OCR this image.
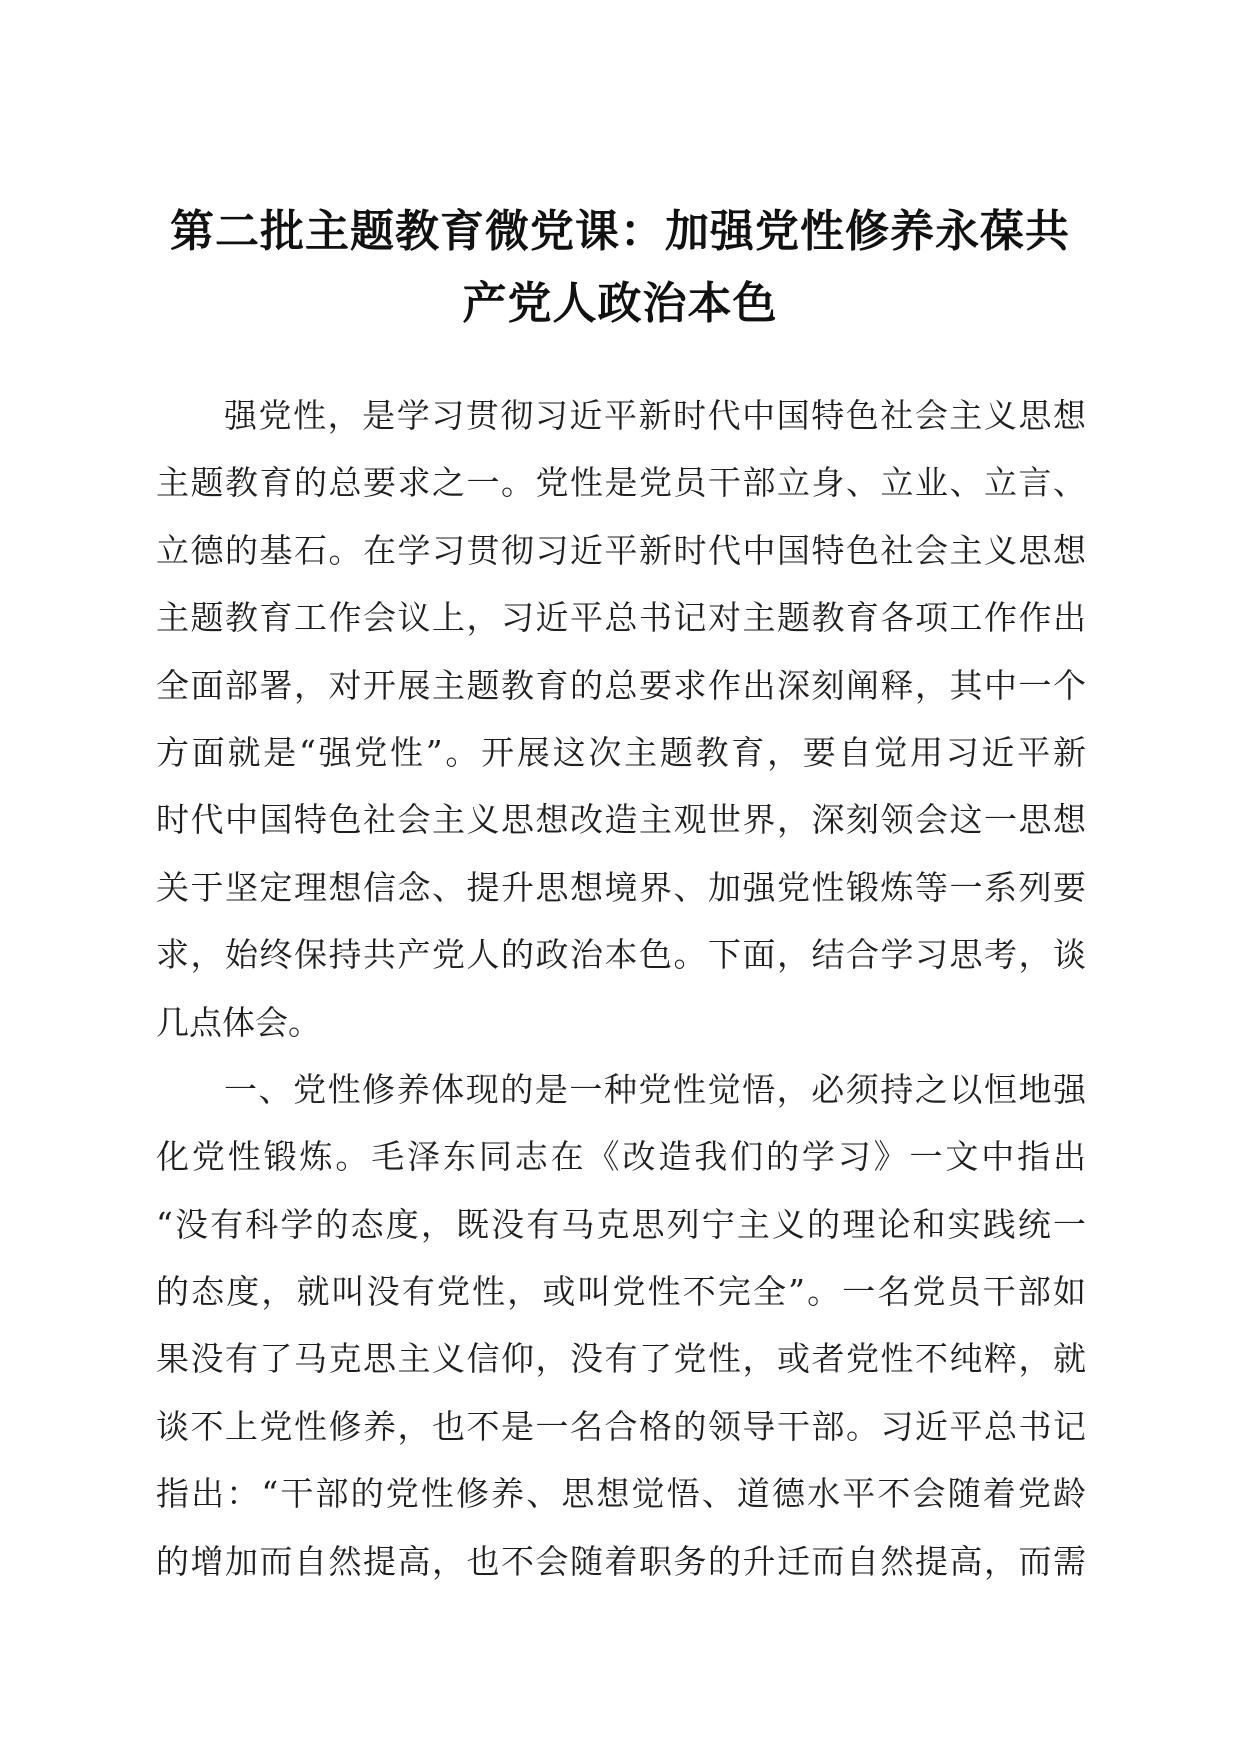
第二批主题教育微党课：加强党性修养永葆共
产党人政治本色
强党性，是学习贯彻习近平新时代中国特色社会主义思想
主题教育的总要求之一。党性是党员干部立身、立业、立言、
立德的基石。在学习贯彻习近平新时代中国特色社会主义思想
主题教育工作会议上，习近平总书记对主题教育各项工作作出
全面部署，对开展主题教育的总要求作出深刻阐释，其中一个
方面就是“强党性”。开展这次主题教育，要自觉用习近平新
时代中国特色社会主义思想改造主观世界，深刻领会这一思想
关于坚定理想信念、提升思想境界、加强党性锻炼等一系列要
求，始终保持共产党人的政治本色。下面，结合学习思考，谈
几点体会。
一、党性修养体现的是一种党性觉悟，必须持之以恒地强
化党性锻炼。毛泽东同志在《改造我们的学习》一文中指出
“没有科学的态度，既没有马克思列宁主义的理论和实践统一
的态度，就叫没有党性，或叫党性不完全”。一名党员干部如
果没有了马克思主义信仰，没有了党性，或者党性不纯粹，就
谈不上党性修养，也不是一名合格的领导干部。习近平总书记
指出：“干部的党性修养、思想觉悟、道德水平不会随着党龄
的增加而自然提高，也不会随着职务的升迁而自然提高，而需
